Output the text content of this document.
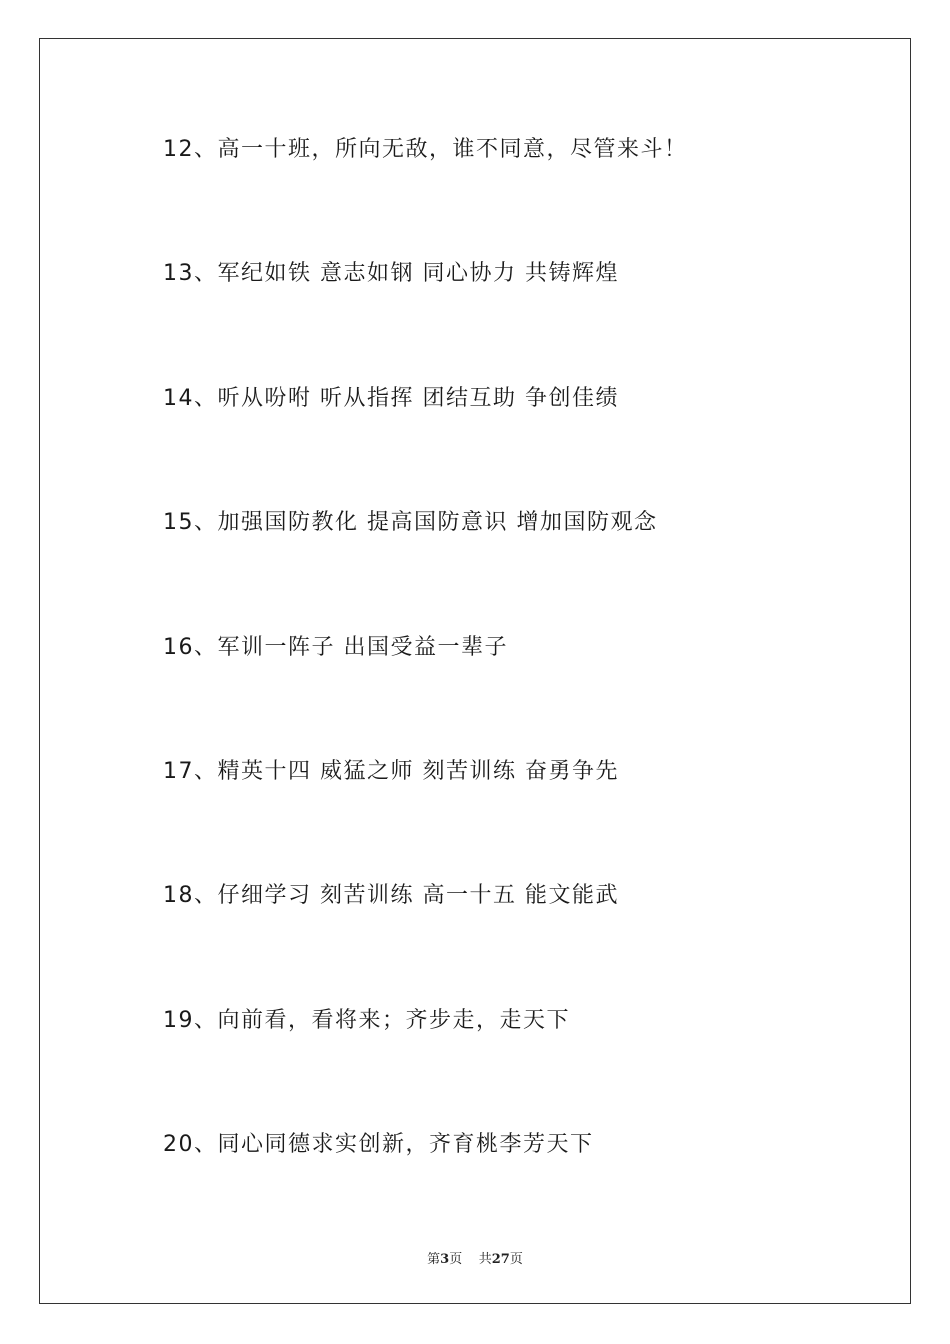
12、高一十班，所向无敌，谁不同意，尽管来斗！
13、军纪如铁 意志如钢 同心协力 共铸辉煌
14、听从吩咐 听从指挥 团结互助 争创佳绩
15、加强国防教化 提高国防意识 增加国防观念
16、军训一阵子 出国受益一辈子
17、精英十四 威猛之师 刻苦训练 奋勇争先
18、仔细学习 刻苦训练 高一十五 能文能武
19、向前看，看将来；齐步走，走天下
20、同心同德求实创新，齐育桃李芳天下
第3页 共27页
